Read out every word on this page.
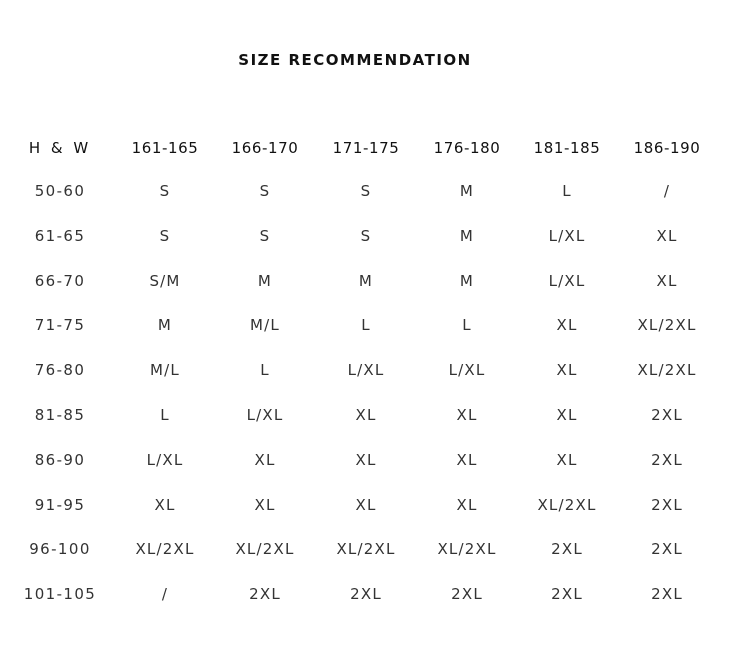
SIZE RECOMMENDATION
H & W	161-165	166-170	171-175	176-180	181-185	186-190
50-60	S	S	S	M	L	/
61-65	S	S	S	M	L/XL	XL
66-70	S/M	M	M	M	L/XL	XL
71-75	M	M/L	L	L	XL	XL/2XL
76-80	M/L	L	L/XL	L/XL	XL	XL/2XL
81-85	L	L/XL	XL	XL	XL	2XL
86-90	L/XL	XL	XL	XL	XL	2XL
91-95	XL	XL	XL	XL	XL/2XL	2XL
96-100	XL/2XL	XL/2XL	XL/2XL	XL/2XL	2XL	2XL
101-105	/	2XL	2XL	2XL	2XL	2XL
